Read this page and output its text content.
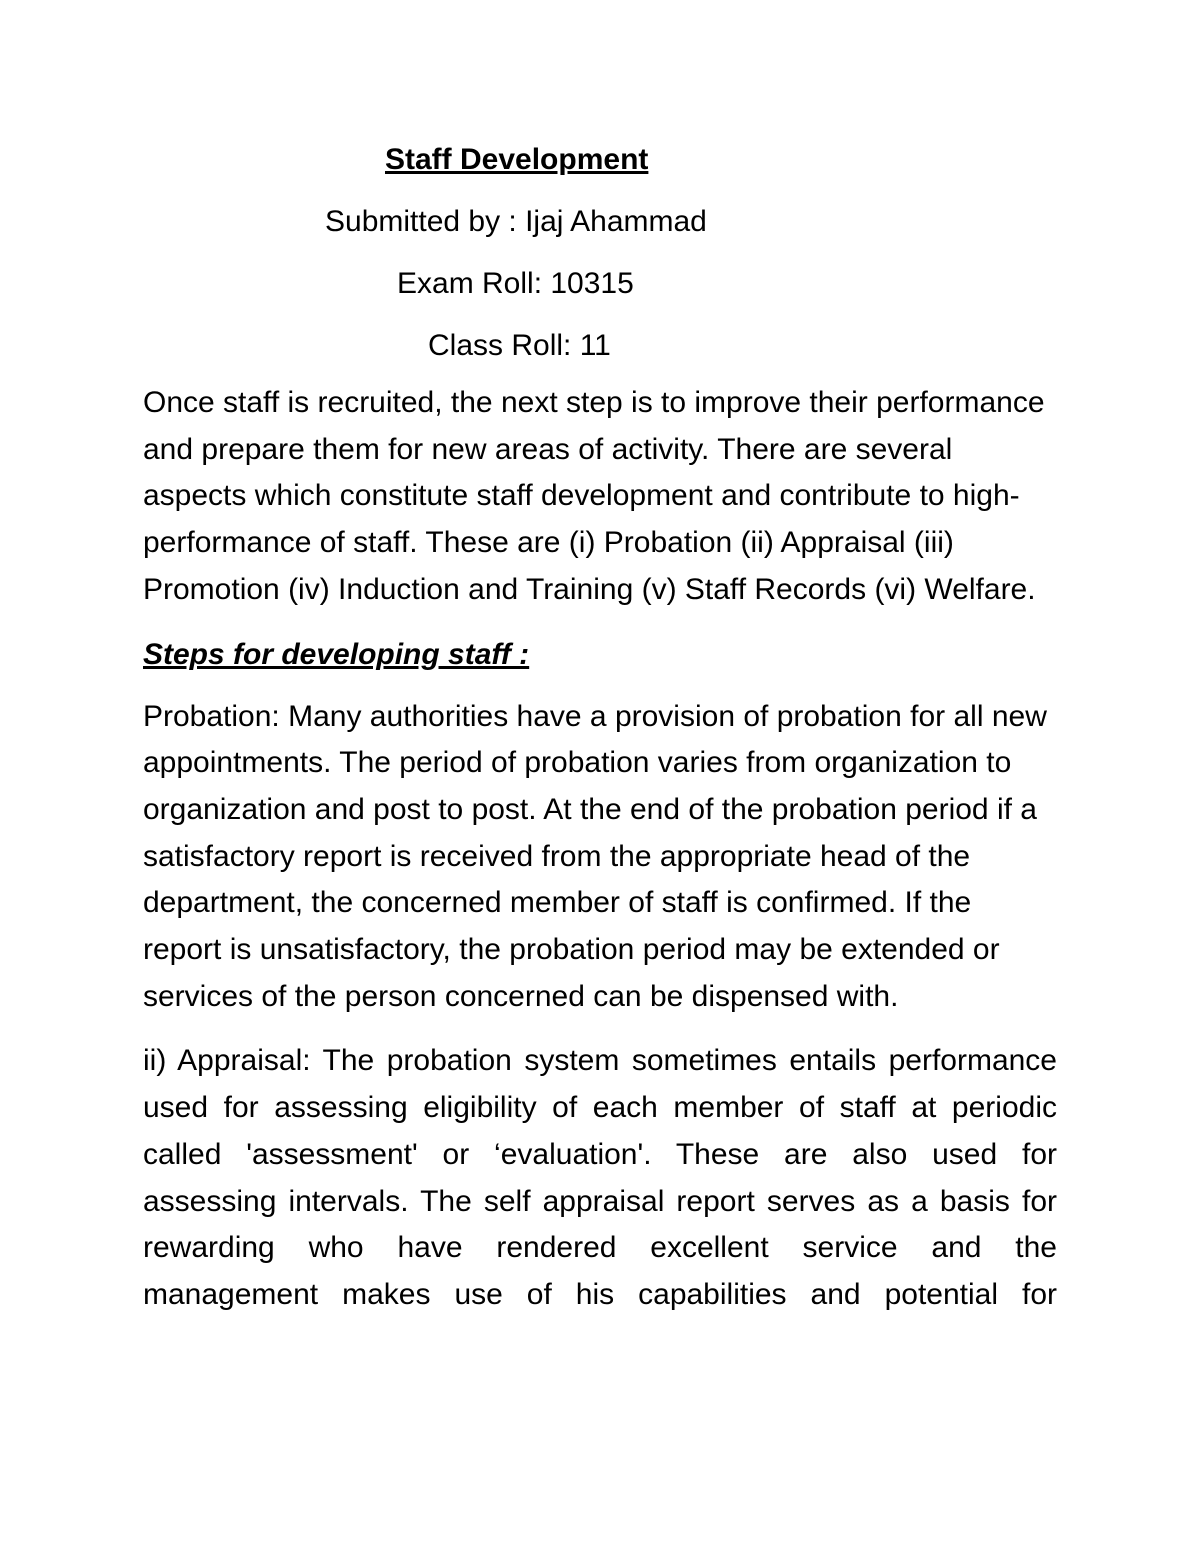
Staff Development

Submitted by : Ijaj Ahammad

Exam Roll: 10315

Class Roll: 11

Once staff is recruited, the next step is to improve their performance and prepare them for new areas of activity. There are several aspects which constitute staff development and contribute to high-performance of staff. These are (i) Probation (ii) Appraisal (iii) Promotion (iv) Induction and Training (v) Staff Records (vi) Welfare.

Steps for developing staff :

Probation: Many authorities have a provision of probation for all new appointments. The period of probation varies from organization to organization and post to post. At the end of the probation period if a satisfactory report is received from the appropriate head of the department, the concerned member of staff is confirmed. If the report is unsatisfactory, the probation period may be extended or services of the person concerned can be dispensed with.

ii) Appraisal: The probation system sometimes entails performance used for assessing eligibility of each member of staff at periodic called 'assessment' or ‘evaluation'. These are also used for assessing intervals. The self appraisal report serves as a basis for rewarding who have rendered excellent service and the management makes use of his capabilities and potential for
